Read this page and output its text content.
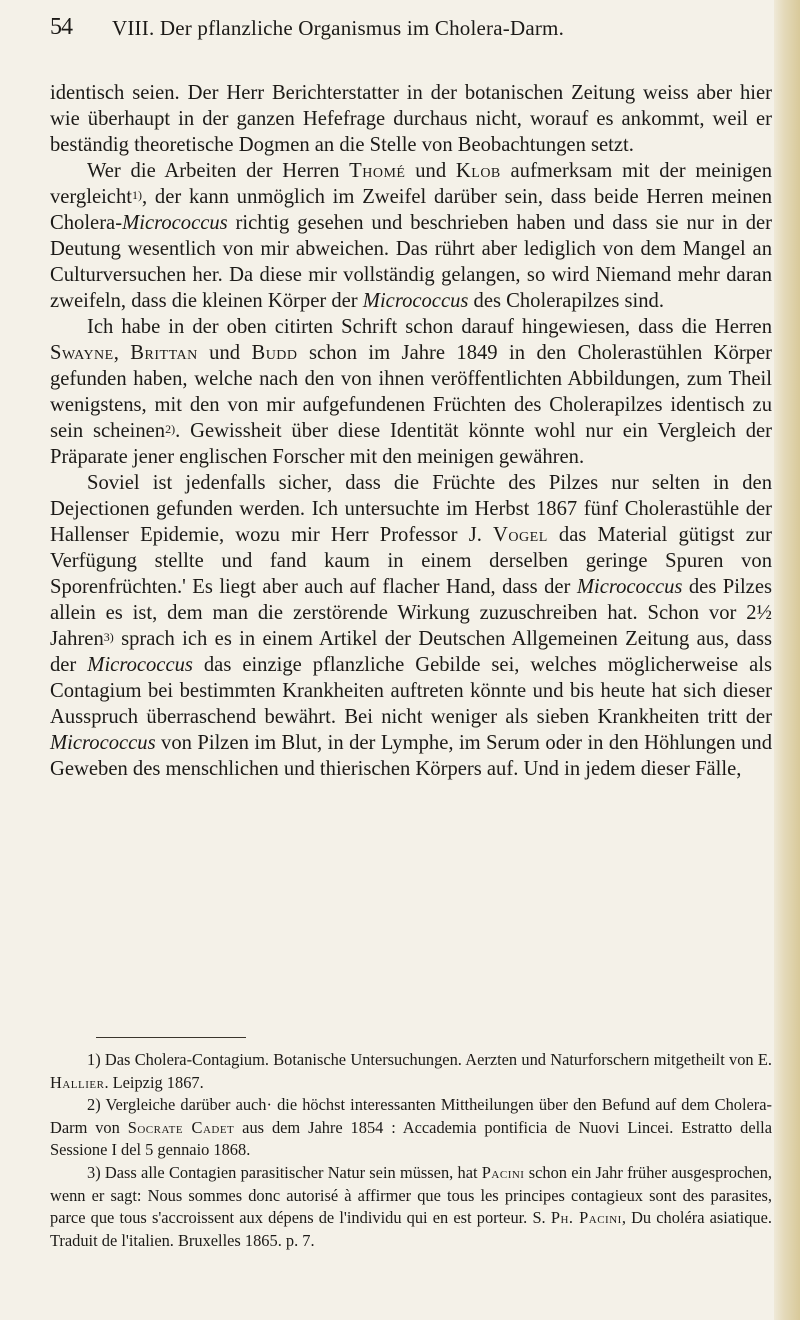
54 VIII. Der pflanzliche Organismus im Cholera-Darm.

identisch seien. Der Herr Berichterstatter in der botanischen Zeitung weiss aber hier wie überhaupt in der ganzen Hefefrage durchaus nicht, worauf es ankommt, weil er beständig theoretische Dogmen an die Stelle von Beobachtungen setzt.

Wer die Arbeiten der Herren Thomé und Klob aufmerksam mit der meinigen vergleicht$^{1)}$, der kann unmöglich im Zweifel darüber sein, dass beide Herren meinen Cholera-Micrococcus richtig gesehen und beschrieben haben und dass sie nur in der Deutung wesentlich von mir abweichen. Das rührt aber lediglich von dem Mangel an Culturversuchen her. Da diese mir vollständig gelangen, so wird Niemand mehr daran zweifeln, dass die kleinen Körper der Micrococcus des Cholerapilzes sind.

Ich habe in der oben citirten Schrift schon darauf hingewiesen, dass die Herren Swayne, Brittan und Budd schon im Jahre 1849 in den Cholerastühlen Körper gefunden haben, welche nach den von ihnen veröffentlichten Abbildungen, zum Theil wenigstens, mit den von mir aufgefundenen Früchten des Cholerapilzes identisch zu sein scheinen$^{2)}$. Gewissheit über diese Identität könnte wohl nur ein Vergleich der Präparate jener englischen Forscher mit den meinigen gewähren.

Soviel ist jedenfalls sicher, dass die Früchte des Pilzes nur selten in den Dejectionen gefunden werden. Ich untersuchte im Herbst 1867 fünf Cholerastühle der Hallenser Epidemie, wozu mir Herr Professor J. Vogel das Material gütigst zur Verfügung stellte und fand kaum in einem derselben geringe Spuren von Sporenfrüchten.' Es liegt aber auch auf flacher Hand, dass der Micrococcus des Pilzes allein es ist, dem man die zerstörende Wirkung zuzuschreiben hat. Schon vor 2½ Jahren$^{3)}$ sprach ich es in einem Artikel der Deutschen Allgemeinen Zeitung aus, dass der Micrococcus das einzige pflanzliche Gebilde sei, welches möglicherweise als Contagium bei bestimmten Krankheiten auftreten könnte und bis heute hat sich dieser Ausspruch überraschend bewährt. Bei nicht weniger als sieben Krankheiten tritt der Micrococcus von Pilzen im Blut, in der Lymphe, im Serum oder in den Höhlungen und Geweben des menschlichen und thierischen Körpers auf. Und in jedem dieser Fälle,

1) Das Cholera-Contagium. Botanische Untersuchungen. Aerzten und Naturforschern mitgetheilt von E. Hallier. Leipzig 1867.

2) Vergleiche darüber auch· die höchst interessanten Mittheilungen über den Befund auf dem Cholera-Darm von Socrate Cadet aus dem Jahre 1854 : Accademia pontificia de Nuovi Lincei. Estratto della Sessione I del 5 gennaio 1868.

3) Dass alle Contagien parasitischer Natur sein müssen, hat Pacini schon ein Jahr früher ausgesprochen, wenn er sagt: Nous sommes donc autorisé à affirmer que tous les principes contagieux sont des parasites, parce que tous s'accroissent aux dépens de l'individu qui en est porteur. S. Ph. Pacini, Du choléra asiatique. Traduit de l'italien. Bruxelles 1865. p. 7.
